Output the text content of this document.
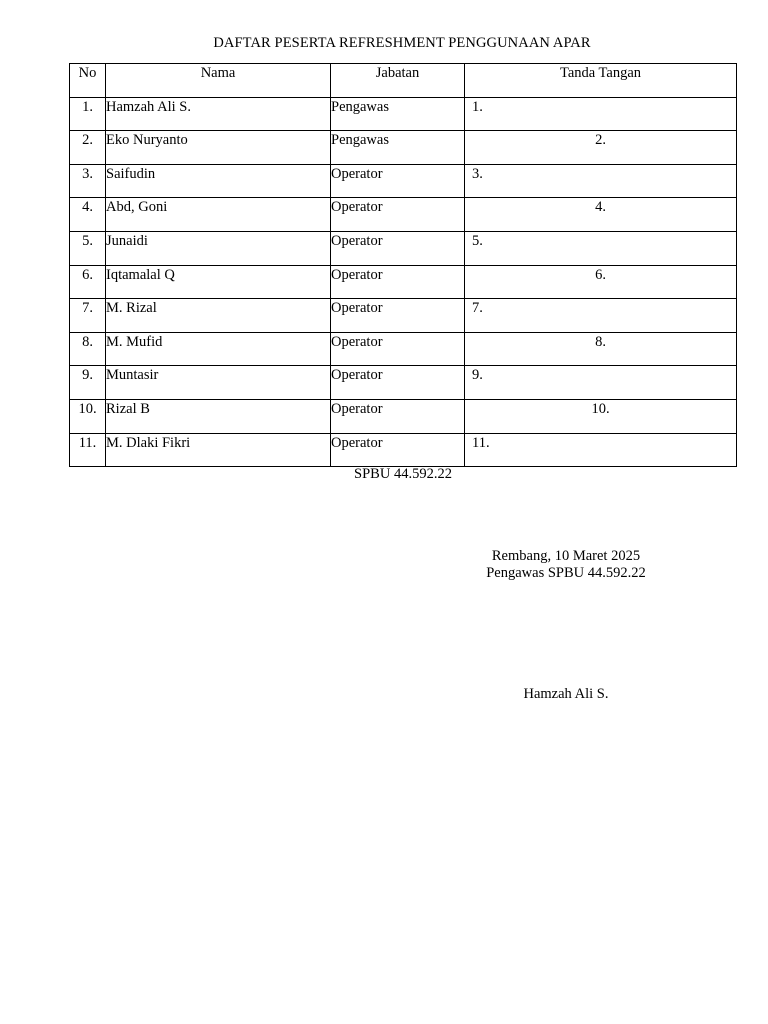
DAFTAR PESERTA REFRESHMENT PENGGUNAAN APAR
No	Nama	Jabatan	Tanda Tangan
1.	Hamzah Ali S.	Pengawas	1.
2.	Eko Nuryanto	Pengawas	2.
3.	Saifudin	Operator	3.
4.	Abd, Goni	Operator	4.
5.	Junaidi	Operator	5.
6.	Iqtamalal Q	Operator	6.
7.	M. Rizal	Operator	7.
8.	M. Mufid	Operator	8.
9.	Muntasir	Operator	9.
10.	Rizal B	Operator	10.
11.	M. Dlaki Fikri	Operator	11.
SPBU 44.592.22
Rembang, 10 Maret 2025
Pengawas SPBU 44.592.22
Hamzah Ali S.
